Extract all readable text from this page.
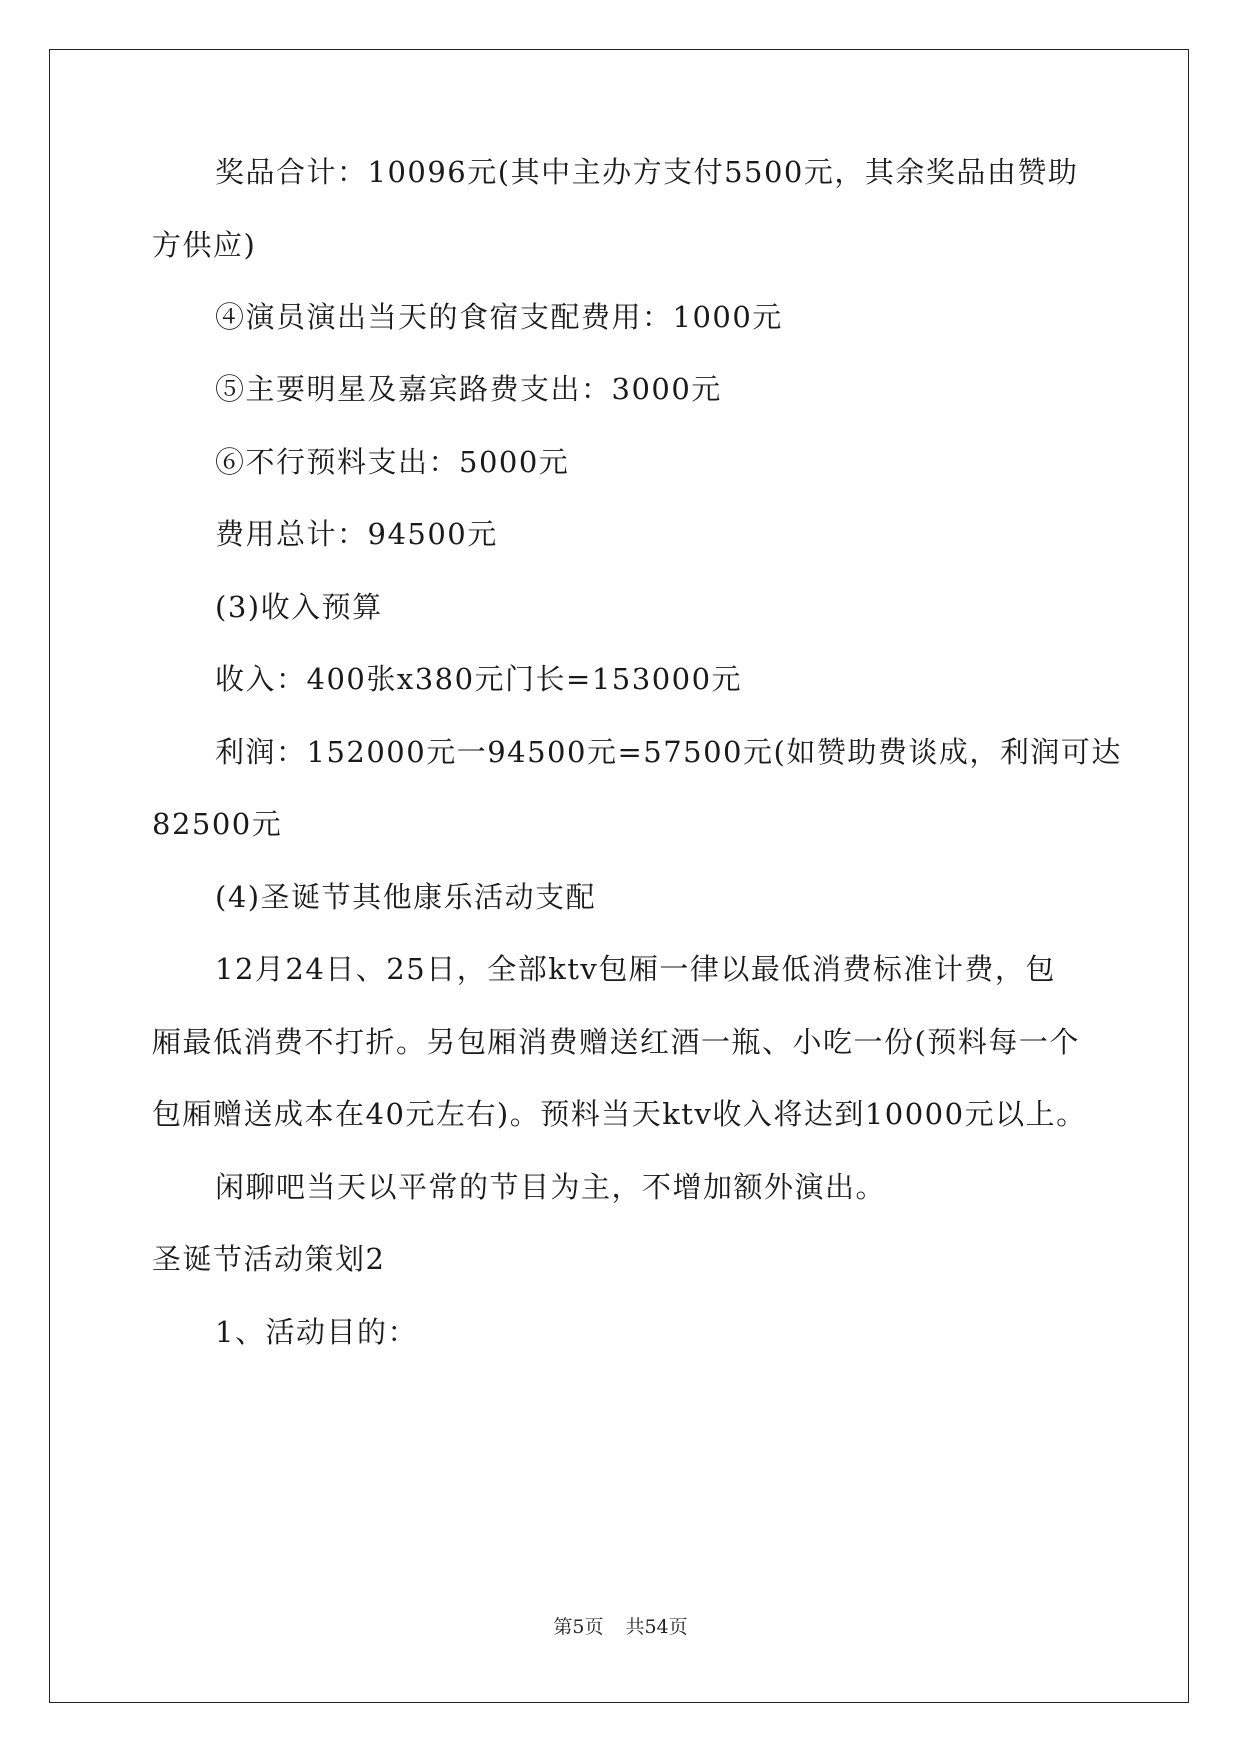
奖品合计：10096元(其中主办方支付5500元，其余奖品由赞助
方供应)
④演员演出当天的食宿支配费用：1000元
⑤主要明星及嘉宾路费支出：3000元
⑥不行预料支出：5000元
费用总计：94500元
(3)收入预算
收入：400张x380元门长=153000元
利润：152000元一94500元=57500元(如赞助费谈成，利润可达
82500元
(4)圣诞节其他康乐活动支配
12月24日、25日，全部ktv包厢一律以最低消费标准计费，包
厢最低消费不打折。另包厢消费赠送红酒一瓶、小吃一份(预料每一个
包厢赠送成本在40元左右)。预料当天ktv收入将达到10000元以上。
闲聊吧当天以平常的节目为主，不增加额外演出。
圣诞节活动策划2
1、活动目的：
第5页 共54页
